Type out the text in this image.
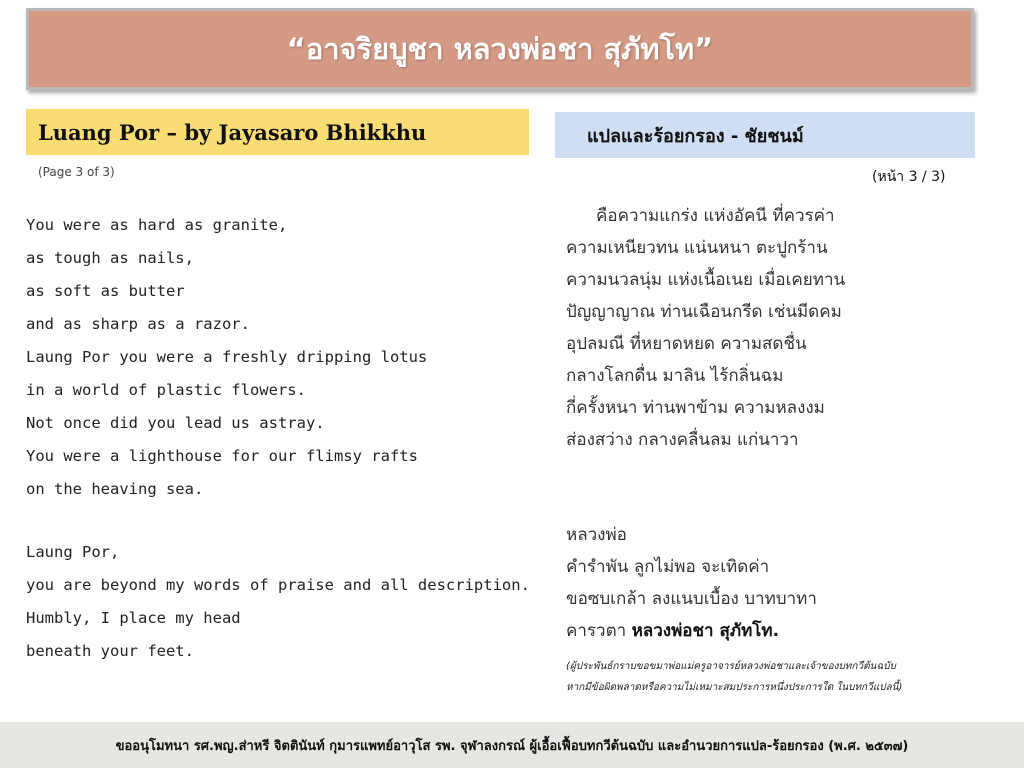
“อาจริยบูชา หลวงพ่อชา สุภัทโท”
Luang Por – by Jayasaro Bhikkhu	แปลและร้อยกรอง - ชัยชนม์
(Page 3 of 3)	(หน้า 3 / 3)
You were as hard as granite,
as tough as nails,
as soft as butter
and as sharp as a razor.
Laung Por you were a freshly dripping lotus
in a world of plastic flowers.
Not once did you lead us astray.
You were a lighthouse for our flimsy rafts
on the heaving sea.
Laung Por,
you are beyond my words of praise and all description.
Humbly, I place my head
beneath your feet.
คือความแกร่ง แห่งอัคนี ที่ควรค่า
ความเหนียวทน แน่นหนา ตะปูกร้าน
ความนวลนุ่ม แห่งเนื้อเนย เมื่อเคยทาน
ปัญญาญาณ ท่านเฉือนกรีด เช่นมีดคม
อุปลมณี ที่หยาดหยด ความสดชื่น
กลางโลกดื่น มาลิน ไร้กลิ่นฉม
กี่ครั้งหนา ท่านพาข้าม ความหลงงม
ส่องสว่าง กลางคลื่นลม แก่นาวา
หลวงพ่อ
คำรำพัน ลูกไม่พอ จะเทิดค่า
ขอซบเกล้า ลงแนบเบื้อง บาทบาทา
คารวตา หลวงพ่อชา สุภัทโท.
(ผู้ประพันธ์กราบขอขมาพ่อแม่ครูอาจารย์หลวงพ่อชาและเจ้าของบทกวีต้นฉบับ
หากมีข้อผิดพลาดหรือความไม่เหมาะสมประการหนึ่งประการใด ในบทกวีแปลนี้)
ขออนุโมทนา รศ.พญ.ส่าหรี จิตตินันท์ กุมารแพทย์อาวุโส รพ. จุฬาลงกรณ์ ผู้เอื้อเฟื้อบทกวีต้นฉบับ และอำนวยการแปล-ร้อยกรอง (พ.ศ. ๒๕๓๗)
